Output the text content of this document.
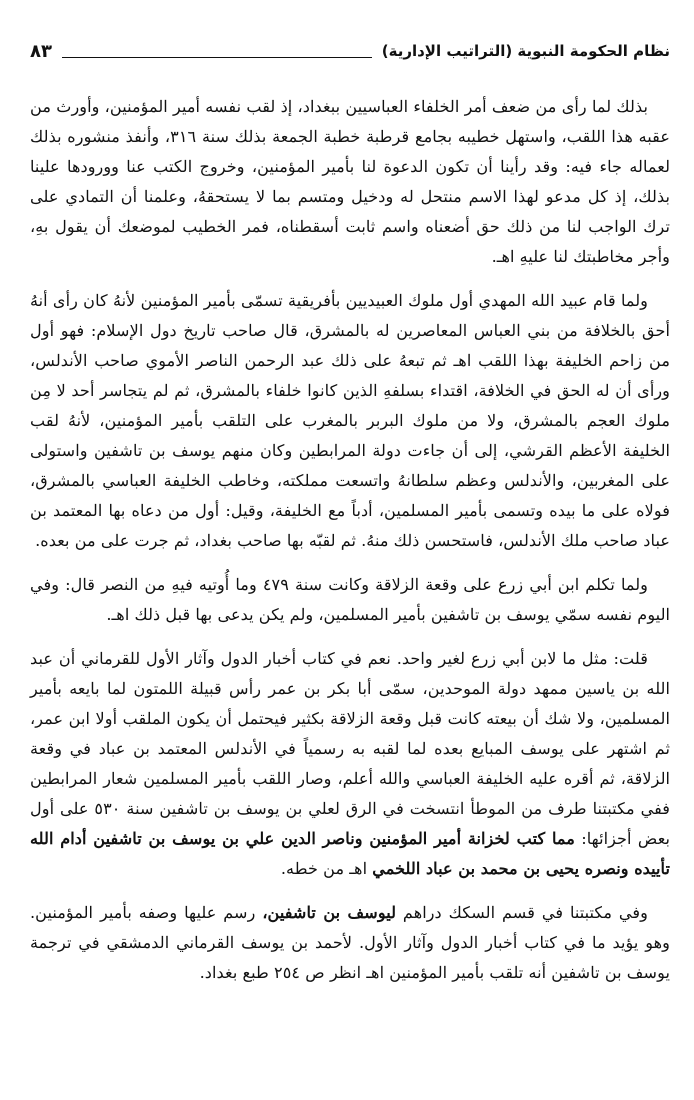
نظام الحكومة النبوية (التراتيب الإدارية)
٨٣

بذلك لما رأى من ضعف أمر الخلفاء العباسيين ببغداد، إذ لقب نفسه أمير المؤمنين، وأورث من عقبه هذا اللقب، واستهل خطيبه بجامع قرطبة خطبة الجمعة بذلك سنة ٣١٦، وأنفذ منشوره بذلك لعماله جاء فيه: وقد رأينا أن تكون الدعوة لنا بأمير المؤمنين، وخروج الكتب عنا وورودها علينا بذلك، إذ كل مدعو لهذا الاسم منتحل له ودخيل ومتسم بما لا يستحقهُ، وعلمنا أن التمادي على ترك الواجب لنا من ذلك حق أضعناه واسم ثابت أسقطناه، فمر الخطيب لموضعك أن يقول بهِ، وأجر مخاطبتك لنا عليهِ اهـ.

ولما قام عبيد الله المهدي أول ملوك العبيديين بأفريقية تسمّى بأمير المؤمنين لأنهُ كان رأى أنهُ أحق بالخلافة من بني العباس المعاصرين له بالمشرق، قال صاحب تاريخ دول الإسلام: فهو أول من زاحم الخليفة بهذا اللقب اهـ ثم تبعهُ على ذلك عبد الرحمن الناصر الأموي صاحب الأندلس، ورأى أن له الحق في الخلافة، اقتداء بسلفهِ الذين كانوا خلفاء بالمشرق، ثم لم يتجاسر أحد لا مِن ملوك العجم بالمشرق، ولا من ملوك البربر بالمغرب على التلقب بأمير المؤمنين، لأنهُ لقب الخليفة الأعظم القرشي، إلى أن جاءت دولة المرابطين وكان منهم يوسف بن تاشفين واستولى على المغربين، والأندلس وعظم سلطانهُ واتسعت مملكته، وخاطب الخليفة العباسي بالمشرق، فولاه على ما بيده وتسمى بأمير المسلمين، أدباً مع الخليفة، وقيل: أول من دعاه بها المعتمد بن عباد صاحب ملك الأندلس، فاستحسن ذلك منهُ. ثم لقبّه بها صاحب بغداد، ثم جرت على من بعده.

ولما تكلم ابن أبي زرع على وقعة الزلاقة وكانت سنة ٤٧٩ وما أُوتيه فيهِ من النصر قال: وفي اليوم نفسه سمّي يوسف بن تاشفين بأمير المسلمين، ولم يكن يدعى بها قبل ذلك اهـ.

قلت: مثل ما لابن أبي زرع لغير واحد. نعم في كتاب أخبار الدول وآثار الأول للقرماني أن عبد الله بن ياسين ممهد دولة الموحدين، سمّى أبا بكر بن عمر رأس قبيلة اللمتون لما بايعه بأمير المسلمين، ولا شك أن بيعته كانت قبل وقعة الزلاقة بكثير فيحتمل أن يكون الملقب أولا ابن عمر، ثم اشتهر على يوسف المبايع بعده لما لقبه به رسمياً في الأندلس المعتمد بن عباد في وقعة الزلاقة، ثم أقره عليه الخليفة العباسي والله أعلم، وصار اللقب بأمير المسلمين شعار المرابطين ففي مكتبتنا طرف من الموطأ انتسخت في الرق لعلي بن يوسف بن تاشفين سنة ٥٣٠ على أول بعض أجزائها: مما كتب لخزانة أمير المؤمنين وناصر الدين علي بن يوسف بن تاشفين أدام الله تأييده ونصره يحيى بن محمد بن عباد اللخمي اهـ من خطه.

وفي مكتبتنا في قسم السكك دراهم ليوسف بن تاشفين، رسم عليها وصفه بأمير المؤمنين. وهو يؤيد ما في كتاب أخبار الدول وآثار الأول. لأحمد بن يوسف القرماني الدمشقي في ترجمة يوسف بن تاشفين أنه تلقب بأمير المؤمنين اهـ انظر ص ٢٥٤ طبع بغداد.
